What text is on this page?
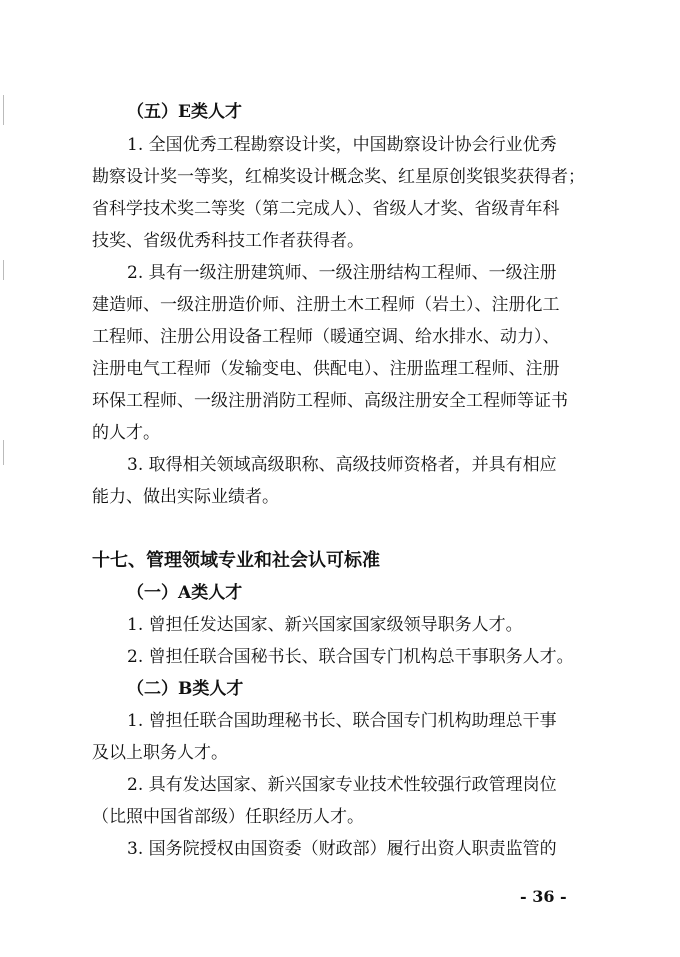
（五）E类人才
1. 全国优秀工程勘察设计奖，中国勘察设计协会行业优秀
勘察设计奖一等奖，红棉奖设计概念奖、红星原创奖银奖获得者；
省科学技术奖二等奖（第二完成人）、省级人才奖、省级青年科
技奖、省级优秀科技工作者获得者。
2. 具有一级注册建筑师、一级注册结构工程师、一级注册
建造师、一级注册造价师、注册土木工程师（岩土）、注册化工
工程师、注册公用设备工程师（暖通空调、给水排水、动力）、
注册电气工程师（发输变电、供配电）、注册监理工程师、注册
环保工程师、一级注册消防工程师、高级注册安全工程师等证书
的人才。
3. 取得相关领域高级职称、高级技师资格者，并具有相应
能力、做出实际业绩者。
十七、管理领域专业和社会认可标准
（一）A类人才
1. 曾担任发达国家、新兴国家国家级领导职务人才。
2. 曾担任联合国秘书长、联合国专门机构总干事职务人才。
（二）B类人才
1. 曾担任联合国助理秘书长、联合国专门机构助理总干事
及以上职务人才。
2. 具有发达国家、新兴国家专业技术性较强行政管理岗位
（比照中国省部级）任职经历人才。
3. 国务院授权由国资委（财政部）履行出资人职责监管的
- 36 -
